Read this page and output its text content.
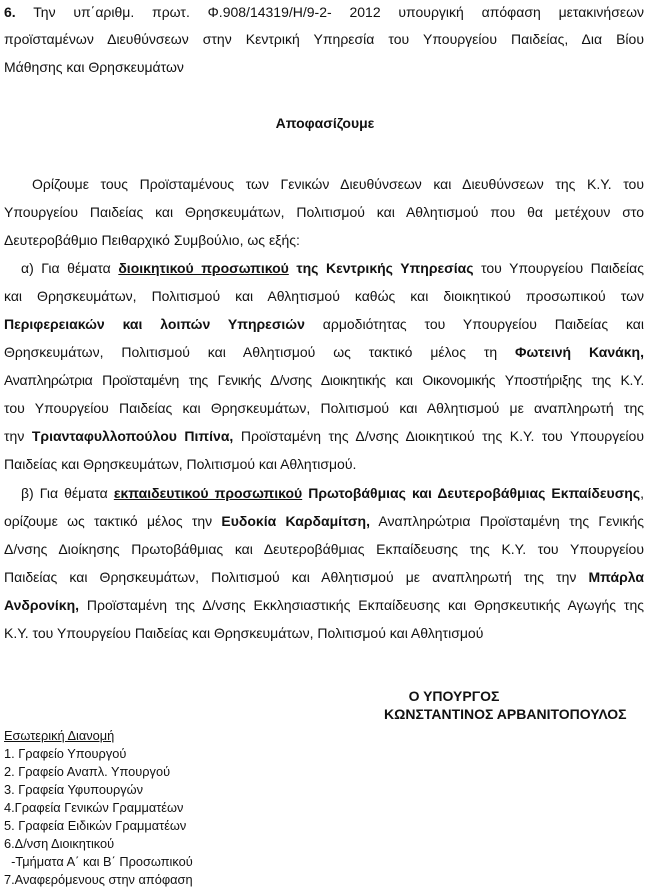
6. Την υπ΄αριθμ. πρωτ. Φ.908/14319/Η/9-2- 2012 υπουργική απόφαση μετακινήσεων
προϊσταμένων Διευθύνσεων στην Κεντρική Υπηρεσία του Υπουργείου Παιδείας, Δια Βίου
Μάθησης και Θρησκευμάτων
Αποφασίζουμε
Ορίζουμε τους Προϊσταμένους των Γενικών Διευθύνσεων και Διευθύνσεων της Κ.Υ. του
Υπουργείου Παιδείας και Θρησκευμάτων, Πολιτισμού και Αθλητισμού που θα μετέχουν στο
Δευτεροβάθμιο Πειθαρχικό Συμβούλιο, ως εξής:
α) Για θέματα διοικητικού προσωπικού της Κεντρικής Υπηρεσίας του Υπουργείου Παιδείας
και Θρησκευμάτων, Πολιτισμού και Αθλητισμού καθώς και διοικητικού προσωπικού των
Περιφερειακών και λοιπών Υπηρεσιών αρμοδιότητας του Υπουργείου Παιδείας και
Θρησκευμάτων, Πολιτισμού και Αθλητισμού ως τακτικό μέλος τη Φωτεινή Κανάκη,
Αναπληρώτρια Προϊσταμένη της Γενικής Δ/νσης Διοικητικής και Οικονομικής Υποστήριξης της Κ.Υ.
του Υπουργείου Παιδείας και Θρησκευμάτων, Πολιτισμού και Αθλητισμού με αναπληρωτή της
την Τριανταφυλλοπούλου Πιπίνα, Προϊσταμένη της Δ/νσης Διοικητικού της Κ.Υ. του Υπουργείου
Παιδείας και Θρησκευμάτων, Πολιτισμού και Αθλητισμού.
β) Για θέματα εκπαιδευτικού προσωπικού Πρωτοβάθμιας και Δευτεροβάθμιας Εκπαίδευσης,
ορίζουμε ως τακτικό μέλος την Ευδοκία Καρδαμίτση, Αναπληρώτρια Προϊσταμένη της Γενικής
Δ/νσης Διοίκησης Πρωτοβάθμιας και Δευτεροβάθμιας Εκπαίδευσης της Κ.Υ. του Υπουργείου
Παιδείας και Θρησκευμάτων, Πολιτισμού και Αθλητισμού με αναπληρωτή της την Μπάρλα
Ανδρονίκη, Προϊσταμένη της Δ/νσης Εκκλησιαστικής Εκπαίδευσης και Θρησκευτικής Αγωγής της
Κ.Υ. του Υπουργείου Παιδείας και Θρησκευμάτων, Πολιτισμού και Αθλητισμού
Ο ΥΠΟΥΡΓΟΣ
ΚΩΝΣΤΑΝΤΙΝΟΣ ΑΡΒΑΝΙΤΟΠΟΥΛΟΣ
Εσωτερική Διανομή
1. Γραφείο Υπουργού
2. Γραφείο Αναπλ. Υπουργού
3. Γραφεία Υφυπουργών
4.Γραφεία Γενικών Γραμματέων
5. Γραφεία Ειδικών Γραμματέων
6.Δ/νση Διοικητικού
-Τμήματα Α΄ και Β΄ Προσωπικού
7.Αναφερόμενους στην απόφαση
